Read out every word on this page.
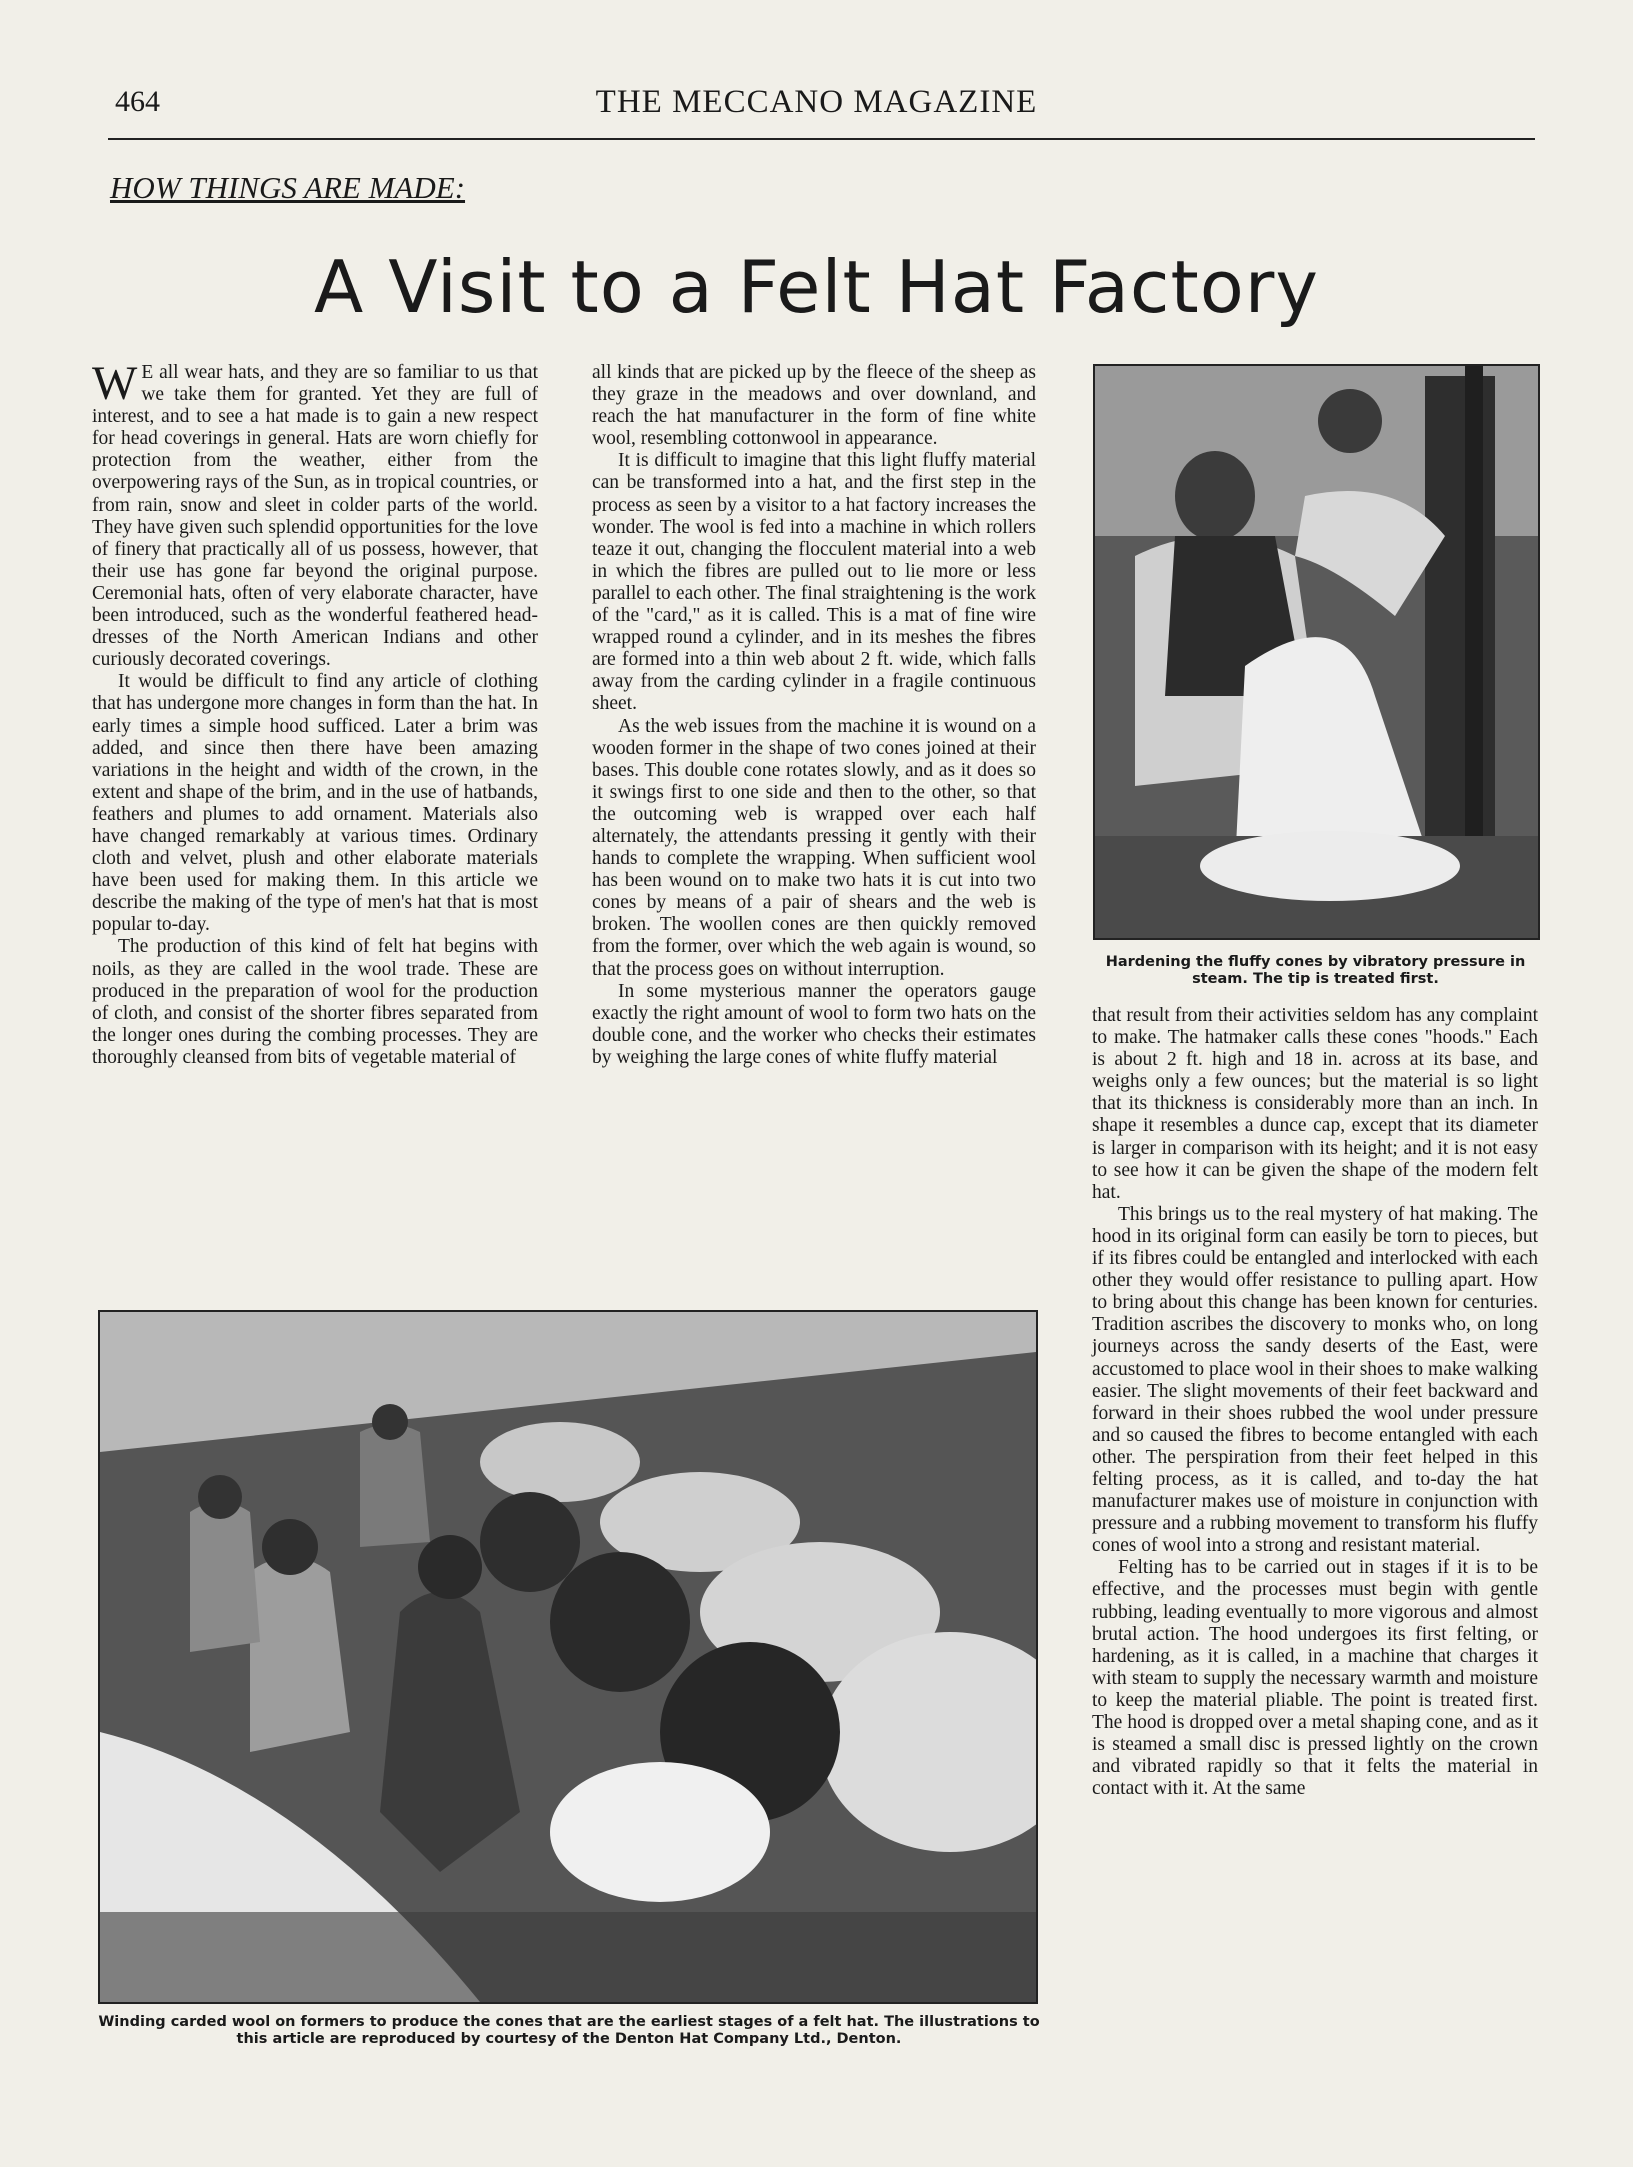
464	THE MECCANO MAGAZINE
HOW THINGS ARE MADE:
A Visit to a Felt Hat Factory

W E all wear hats, and they are so familiar to us that we take them for granted. Yet they are full of interest, and to see a hat made is to gain a new respect for head coverings in general. Hats are worn chiefly for protection from the weather, either from the overpowering rays of the Sun, as in tropical countries, or from rain, snow and sleet in colder parts of the world. They have given such splendid opportunities for the love of finery that practically all of us possess, however, that their use has gone far beyond the original purpose. Ceremonial hats, often of very elaborate character, have been introduced, such as the wonderful feathered head-dresses of the North American Indians and other curiously decorated coverings.

It would be difficult to find any article of clothing that has undergone more changes in form than the hat. In early times a simple hood sufficed. Later a brim was added, and since then there have been amazing variations in the height and width of the crown, in the extent and shape of the brim, and in the use of hatbands, feathers and plumes to add ornament. Materials also have changed remarkably at various times. Ordinary cloth and velvet, plush and other elaborate materials have been used for making them. In this article we describe the making of the type of men's hat that is most popular to-day.

The production of this kind of felt hat begins with noils, as they are called in the wool trade. These are produced in the preparation of wool for the production of cloth, and consist of the shorter fibres separated from the longer ones during the combing processes. They are thoroughly cleansed from bits of vegetable material of

all kinds that are picked up by the fleece of the sheep as they graze in the meadows and over downland, and reach the hat manufacturer in the form of fine white wool, resembling cottonwool in appearance.

It is difficult to imagine that this light fluffy material can be transformed into a hat, and the first step in the process as seen by a visitor to a hat factory increases the wonder. The wool is fed into a machine in which rollers teaze it out, changing the flocculent material into a web in which the fibres are pulled out to lie more or less parallel to each other. The final straightening is the work of the "card," as it is called. This is a mat of fine wire wrapped round a cylinder, and in its meshes the fibres are formed into a thin web about 2 ft. wide, which falls away from the carding cylinder in a fragile continuous sheet.

As the web issues from the machine it is wound on a wooden former in the shape of two cones joined at their bases. This double cone rotates slowly, and as it does so it swings first to one side and then to the other, so that the outcoming web is wrapped over each half alternately, the attendants pressing it gently with their hands to complete the wrapping. When sufficient wool has been wound on to make two hats it is cut into two cones by means of a pair of shears and the web is broken. The woollen cones are then quickly removed from the former, over which the web again is wound, so that the process goes on without interruption.

In some mysterious manner the operators gauge exactly the right amount of wool to form two hats on the double cone, and the worker who checks their estimates by weighing the large cones of white fluffy material

Hardening the fluffy cones by vibratory pressure in steam. The tip is treated first.

that result from their activities seldom has any complaint to make. The hatmaker calls these cones "hoods." Each is about 2 ft. high and 18 in. across at its base, and weighs only a few ounces; but the material is so light that its thickness is considerably more than an inch. In shape it resembles a dunce cap, except that its diameter is larger in comparison with its height; and it is not easy to see how it can be given the shape of the modern felt hat.

This brings us to the real mystery of hat making. The hood in its original form can easily be torn to pieces, but if its fibres could be entangled and interlocked with each other they would offer resistance to pulling apart. How to bring about this change has been known for centuries. Tradition ascribes the discovery to monks who, on long journeys across the sandy deserts of the East, were accustomed to place wool in their shoes to make walking easier. The slight movements of their feet backward and forward in their shoes rubbed the wool under pressure and so caused the fibres to become entangled with each other. The perspiration from their feet helped in this felting process, as it is called, and to-day the hat manufacturer makes use of moisture in conjunction with pressure and a rubbing movement to transform his fluffy cones of wool into a strong and resistant material.

Felting has to be carried out in stages if it is to be effective, and the processes must begin with gentle rubbing, leading eventually to more vigorous and almost brutal action. The hood undergoes its first felting, or hardening, as it is called, in a machine that charges it with steam to supply the necessary warmth and moisture to keep the material pliable. The point is treated first. The hood is dropped over a metal shaping cone, and as it is steamed a small disc is pressed lightly on the crown and vibrated rapidly so that it felts the material in contact with it. At the same

Winding carded wool on formers to produce the cones that are the earliest stages of a felt hat. The illustrations to this article are reproduced by courtesy of the Denton Hat Company Ltd., Denton.
